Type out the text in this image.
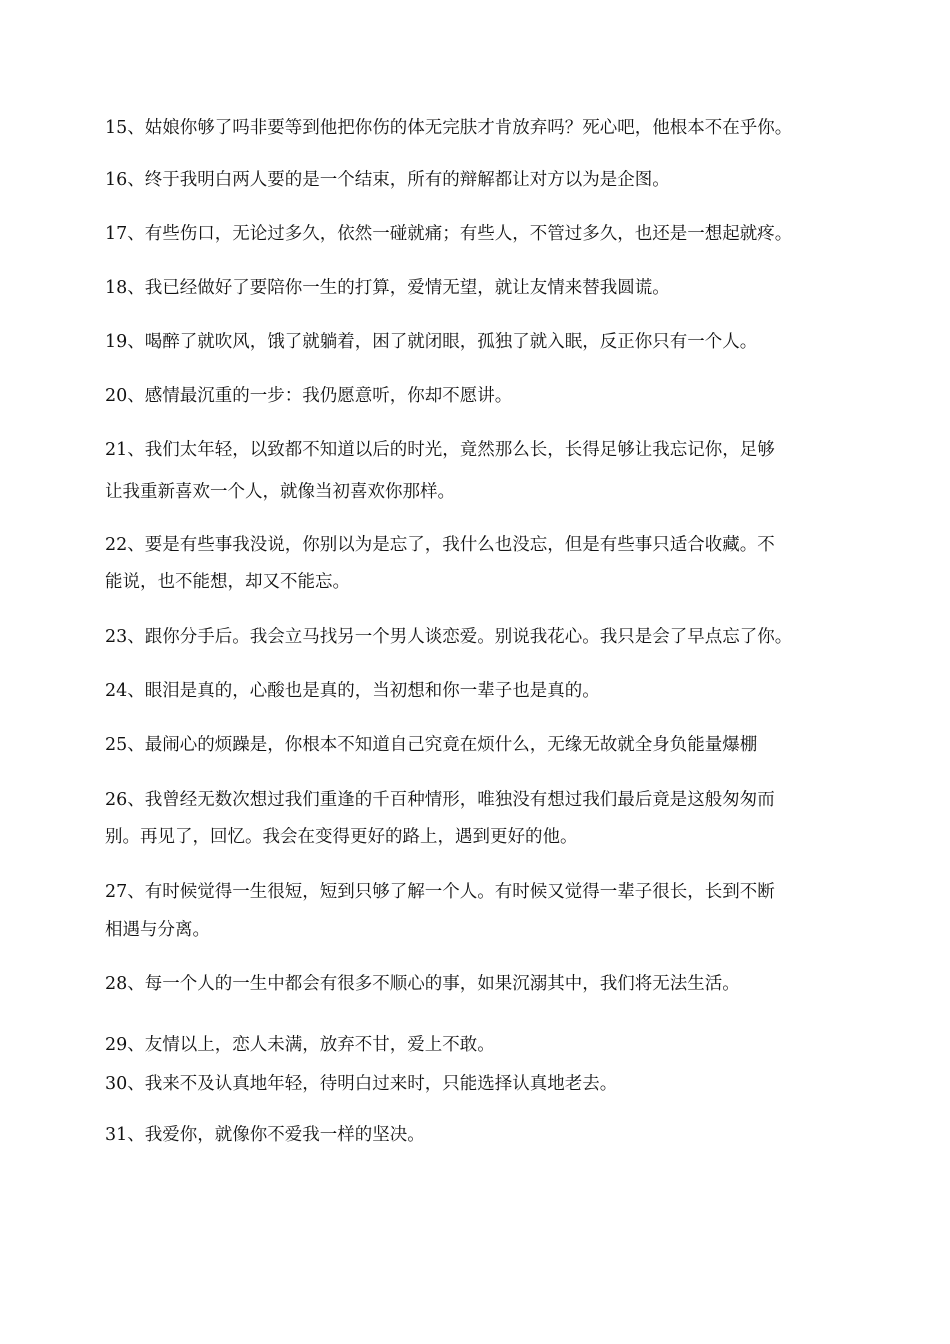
15、姑娘你够了吗非要等到他把你伤的体无完肤才肯放弃吗？死心吧，他根本不在乎你。
16、终于我明白两人要的是一个结束，所有的辩解都让对方以为是企图。
17、有些伤口，无论过多久，依然一碰就痛；有些人，不管过多久，也还是一想起就疼。
18、我已经做好了要陪你一生的打算，爱情无望，就让友情来替我圆谎。
19、喝醉了就吹风，饿了就躺着，困了就闭眼，孤独了就入眠，反正你只有一个人。
20、感情最沉重的一步：我仍愿意听，你却不愿讲。
21、我们太年轻，以致都不知道以后的时光，竟然那么长，长得足够让我忘记你，足够
让我重新喜欢一个人，就像当初喜欢你那样。
22、要是有些事我没说，你别以为是忘了，我什么也没忘，但是有些事只适合收藏。不
能说，也不能想，却又不能忘。
23、跟你分手后。我会立马找另一个男人谈恋爱。别说我花心。我只是会了早点忘了你。
24、眼泪是真的，心酸也是真的，当初想和你一辈子也是真的。
25、最闹心的烦躁是，你根本不知道自己究竟在烦什么，无缘无故就全身负能量爆棚
26、我曾经无数次想过我们重逢的千百种情形，唯独没有想过我们最后竟是这般匆匆而
别。再见了，回忆。我会在变得更好的路上，遇到更好的他。
27、有时候觉得一生很短，短到只够了解一个人。有时候又觉得一辈子很长，长到不断
相遇与分离。
28、每一个人的一生中都会有很多不顺心的事，如果沉溺其中，我们将无法生活。
29、友情以上，恋人未满，放弃不甘，爱上不敢。
30、我来不及认真地年轻，待明白过来时，只能选择认真地老去。
31、我爱你，就像你不爱我一样的坚决。
